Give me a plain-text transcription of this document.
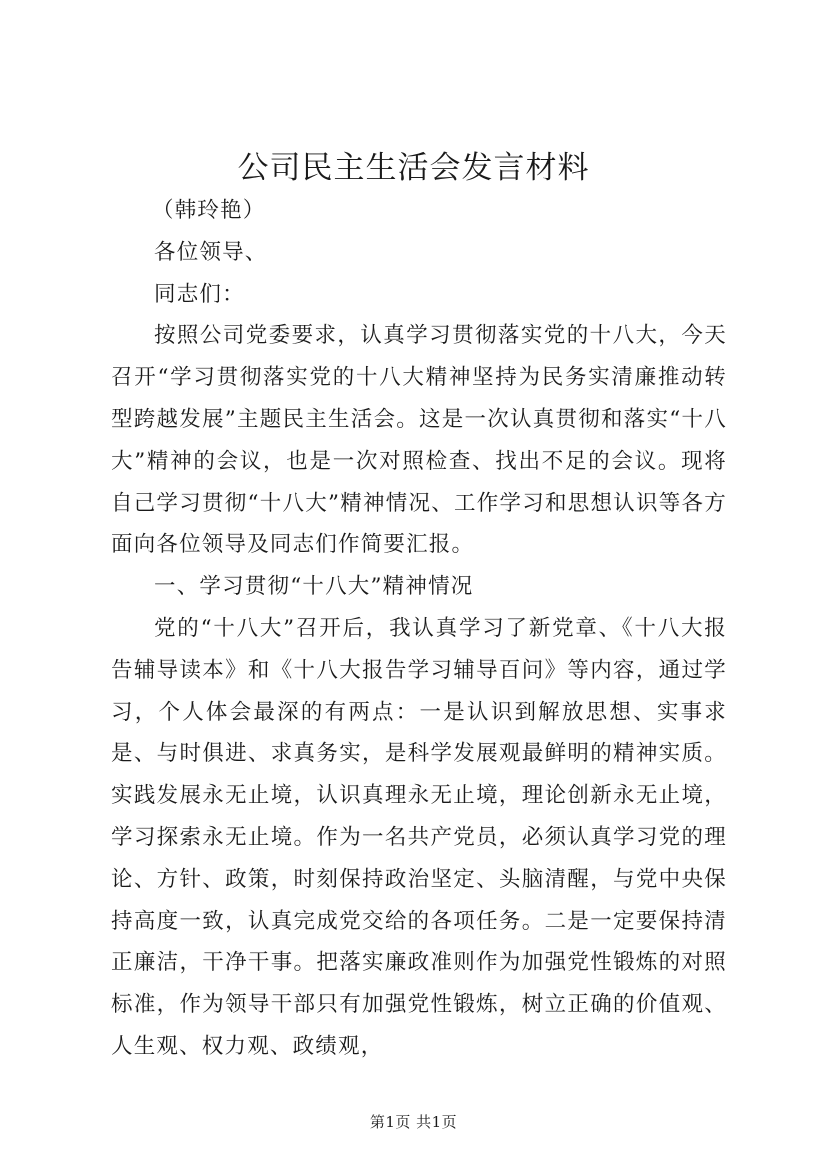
公司民主生活会发言材料

（韩玲艳）

各位领导、

同志们：

按照公司党委要求，认真学习贯彻落实党的十八大，今天召开“学习贯彻落实党的十八大精神坚持为民务实清廉推动转型跨越发展”主题民主生活会。这是一次认真贯彻和落实“十八大”精神的会议，也是一次对照检查、找出不足的会议。现将自己学习贯彻“十八大”精神情况、工作学习和思想认识等各方面向各位领导及同志们作简要汇报。

一、学习贯彻“十八大”精神情况

党的“十八大”召开后，我认真学习了新党章、《十八大报告辅导读本》和《十八大报告学习辅导百问》等内容，通过学习，个人体会最深的有两点：一是认识到解放思想、实事求是、与时俱进、求真务实，是科学发展观最鲜明的精神实质。实践发展永无止境，认识真理永无止境，理论创新永无止境，学习探索永无止境。作为一名共产党员，必须认真学习党的理论、方针、政策，时刻保持政治坚定、头脑清醒，与党中央保持高度一致，认真完成党交给的各项任务。二是一定要保持清正廉洁，干净干事。把落实廉政准则作为加强党性锻炼的对照标准，作为领导干部只有加强党性锻炼，树立正确的价值观、人生观、权力观、政绩观，

第1页 共1页
